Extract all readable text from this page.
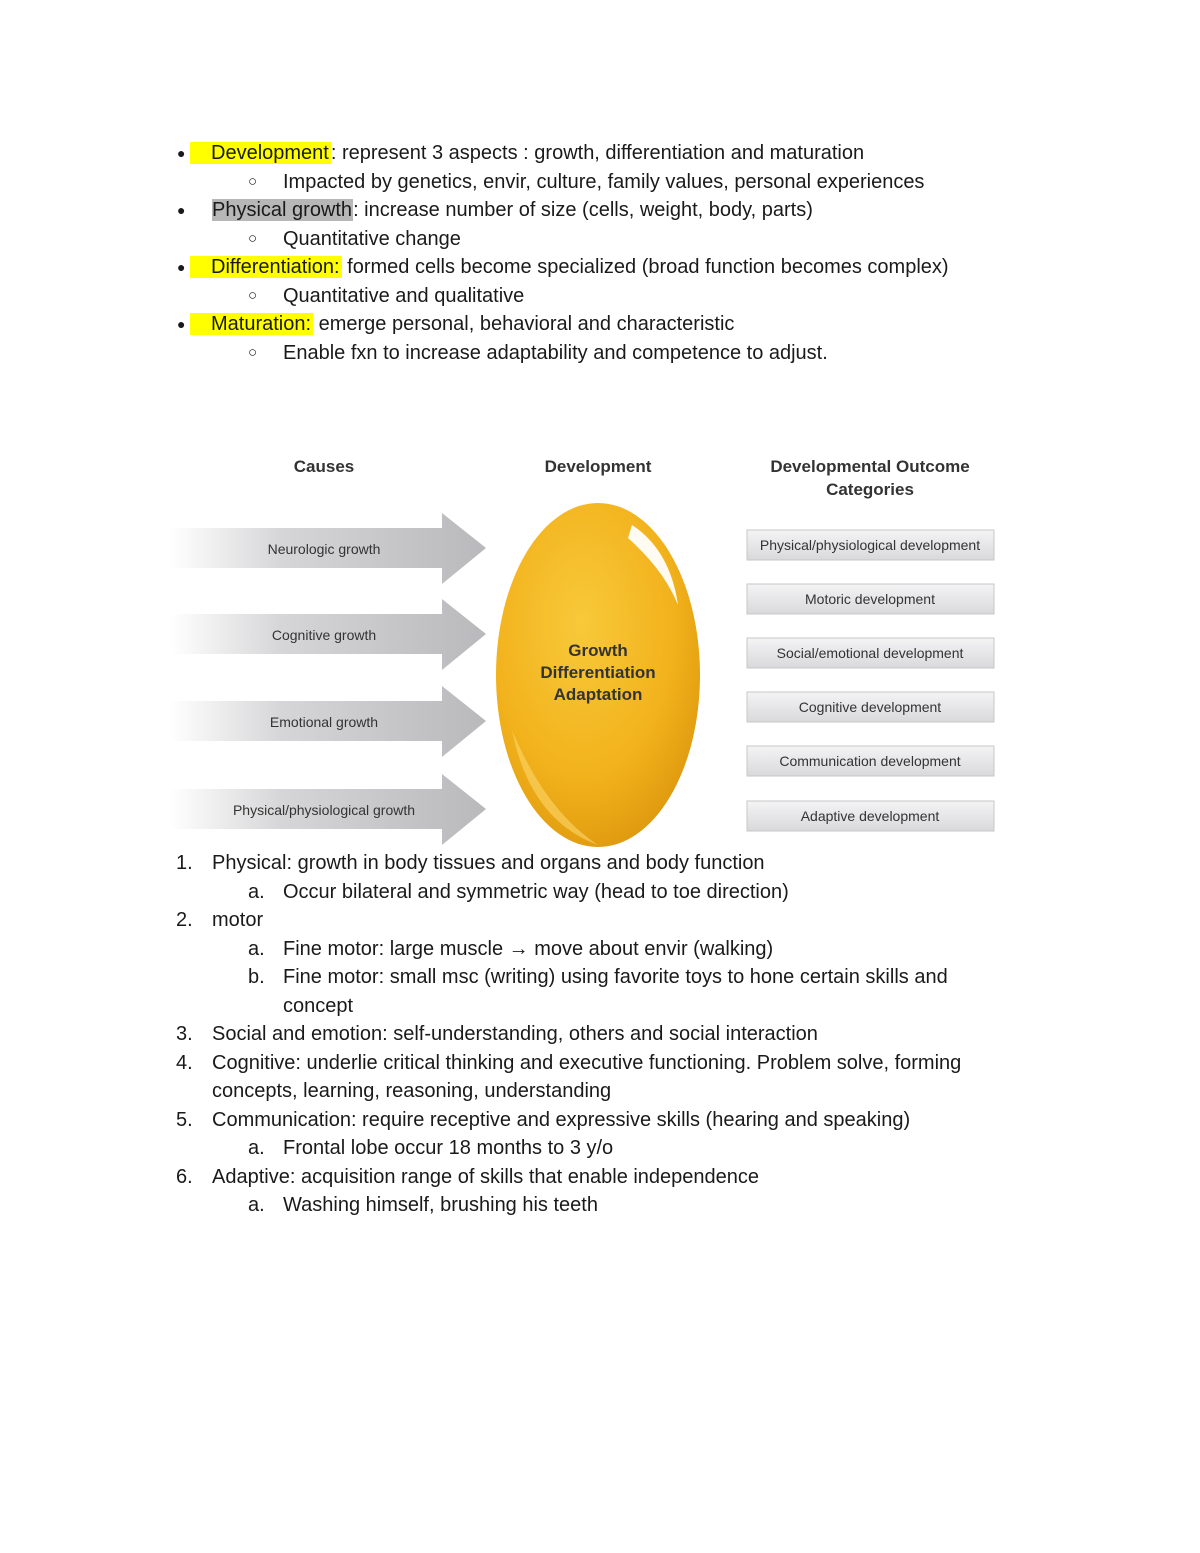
●	Development : represent 3 aspects : growth, differentiation and maturation
○ Impacted by genetics, envir, culture, family values, personal experiences
● Physical growth: increase number of size (cells, weight, body, parts)
○ Quantitative change
●	Differentiation: formed cells become specialized (broad function becomes complex)
○ Quantitative and qualitative
●	Maturation: emerge personal, behavioral and characteristic
○ Enable fxn to increase adaptability and competence to adjust.
Causes	Development	Developmental Outcome
Categories
Neurologic growth
Cognitive growth
Emotional growth
Physical/physiological growth
Growth
Differentiation
Adaptation
Physical/physiological development
Motoric development
Social/emotional development
Cognitive development
Communication development
Adaptive development
1. Physical: growth in body tissues and organs and body function
a. Occur bilateral and symmetric way (head to toe direction)
2. motor
a. Fine motor: large muscle → move about envir (walking)
b. Fine motor: small msc (writing) using favorite toys to hone certain skills and
concept
3. Social and emotion: self-understanding, others and social interaction
4. Cognitive: underlie critical thinking and executive functioning. Problem solve, forming
concepts, learning, reasoning, understanding
5. Communication: require receptive and expressive skills (hearing and speaking)
a. Frontal lobe occur 18 months to 3 y/o
6. Adaptive: acquisition range of skills that enable independence
a. Washing himself, brushing his teeth
